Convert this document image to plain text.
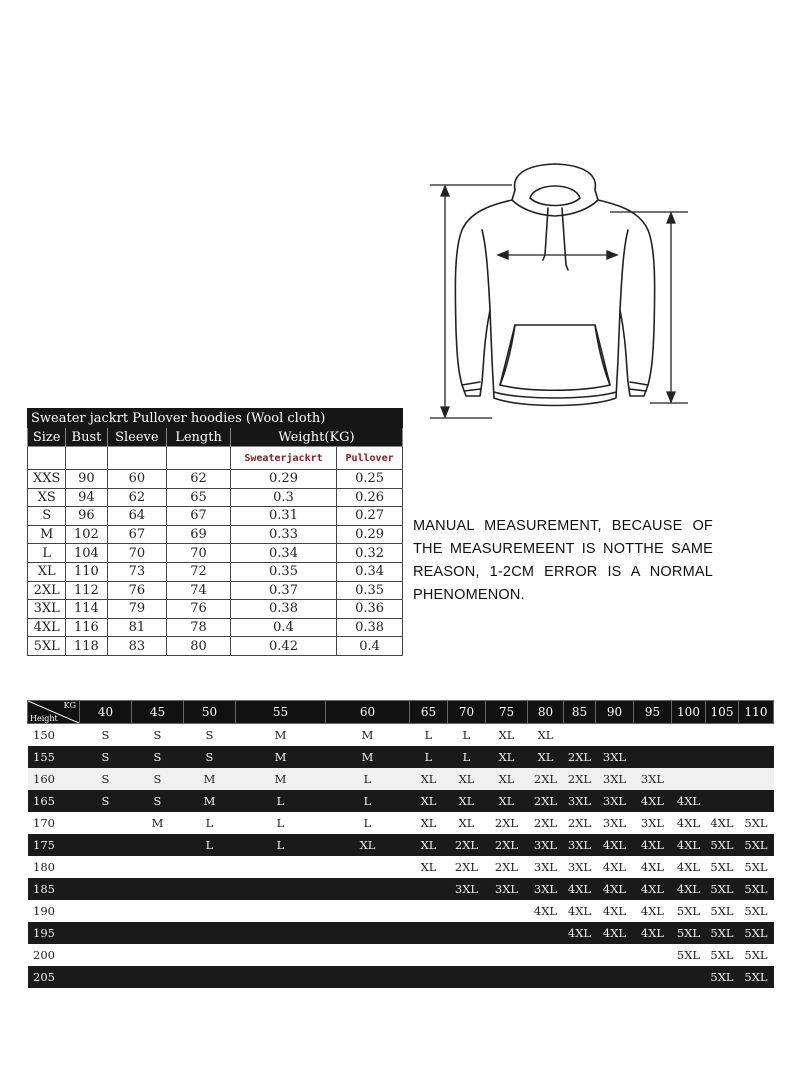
Sweater jackrt Pullover hoodies (Wool cloth)					
Size	Bust	Sleeve	Length	Weight(KG)	
				Sweaterjackrt	Pullover
XXS	90	60	62	0.29	0.25
XS	94	62	65	0.3	0.26
S	96	64	67	0.31	0.27
M	102	67	69	0.33	0.29
L	104	70	70	0.34	0.32
XL	110	73	72	0.35	0.34
2XL	112	76	74	0.37	0.35
3XL	114	79	76	0.38	0.36
4XL	116	81	78	0.4	0.38
5XL	118	83	80	0.42	0.4

MANUAL MEASUREMENT, BECAUSE OF THE MEASUREMEENT IS NOTTHE SAME REASON, 1-2CM ERROR IS A NORMAL PHENOMENON.

KG
Height	40	45	50	55	60	65	70	75	80	85	90	95	100	105	110
150	S	S	S	M	M	L	L	XL	XL						
155	S	S	S	M	M	L	L	XL	XL	2XL	3XL				
160	S	S	M	M	L	XL	XL	XL	2XL	2XL	3XL	3XL			
165	S	S	M	L	L	XL	XL	XL	2XL	3XL	3XL	4XL	4XL		
170		M	L	L	L	XL	XL	2XL	2XL	2XL	3XL	3XL	4XL	4XL	5XL
175			L	L	XL	XL	2XL	2XL	3XL	3XL	4XL	4XL	4XL	5XL	5XL
180						XL	2XL	2XL	3XL	3XL	4XL	4XL	4XL	5XL	5XL
185							3XL	3XL	3XL	4XL	4XL	4XL	4XL	5XL	5XL
190									4XL	4XL	4XL	4XL	5XL	5XL	5XL
195										4XL	4XL	4XL	5XL	5XL	5XL
200													5XL	5XL	5XL
205														5XL	5XL
